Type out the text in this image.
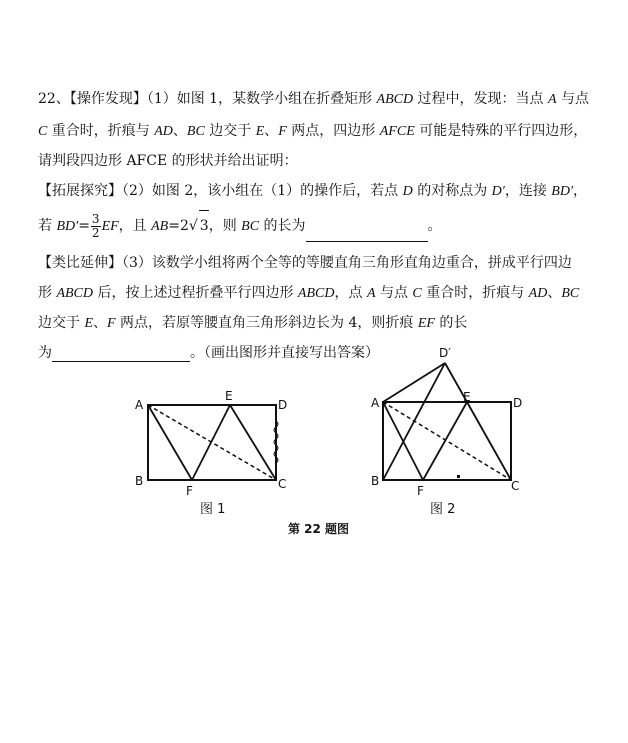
22、【操作发现】（1）如图 1，某数学小组在折叠矩形 ABCD 过程中，发现：当点 A 与点
C 重合时，折痕与 AD、BC 边交于 E、F 两点，四边形 AFCE 可能是特殊的平行四边形，
请判段四边形 AFCE 的形状并给出证明：
【拓展探究】（2）如图 2，该小组在（1）的操作后，若点 D 的对称点为 D′，连接 BD′，
若 $BD'= \frac{3}{2}$ EF，且 AB=2√ 3，则 BC 的长为	。
【类比延伸】（3）该数学小组将两个全等的等腰直角三角形直角边重合，拼成平行四边
形 ABCD 后，按上述过程折叠平行四边形 ABCD，点 A 与点 C 重合时，折痕与 AD、BC
边交于 E、F 两点，若原等腰直角三角形斜边长为 4，则折痕 EF 的长
为	。（画出图形并直接写出答案）
A
E
D
B
F	C
图 1
D′
A	E	D
B
F	C
图 2
第 22 题图
